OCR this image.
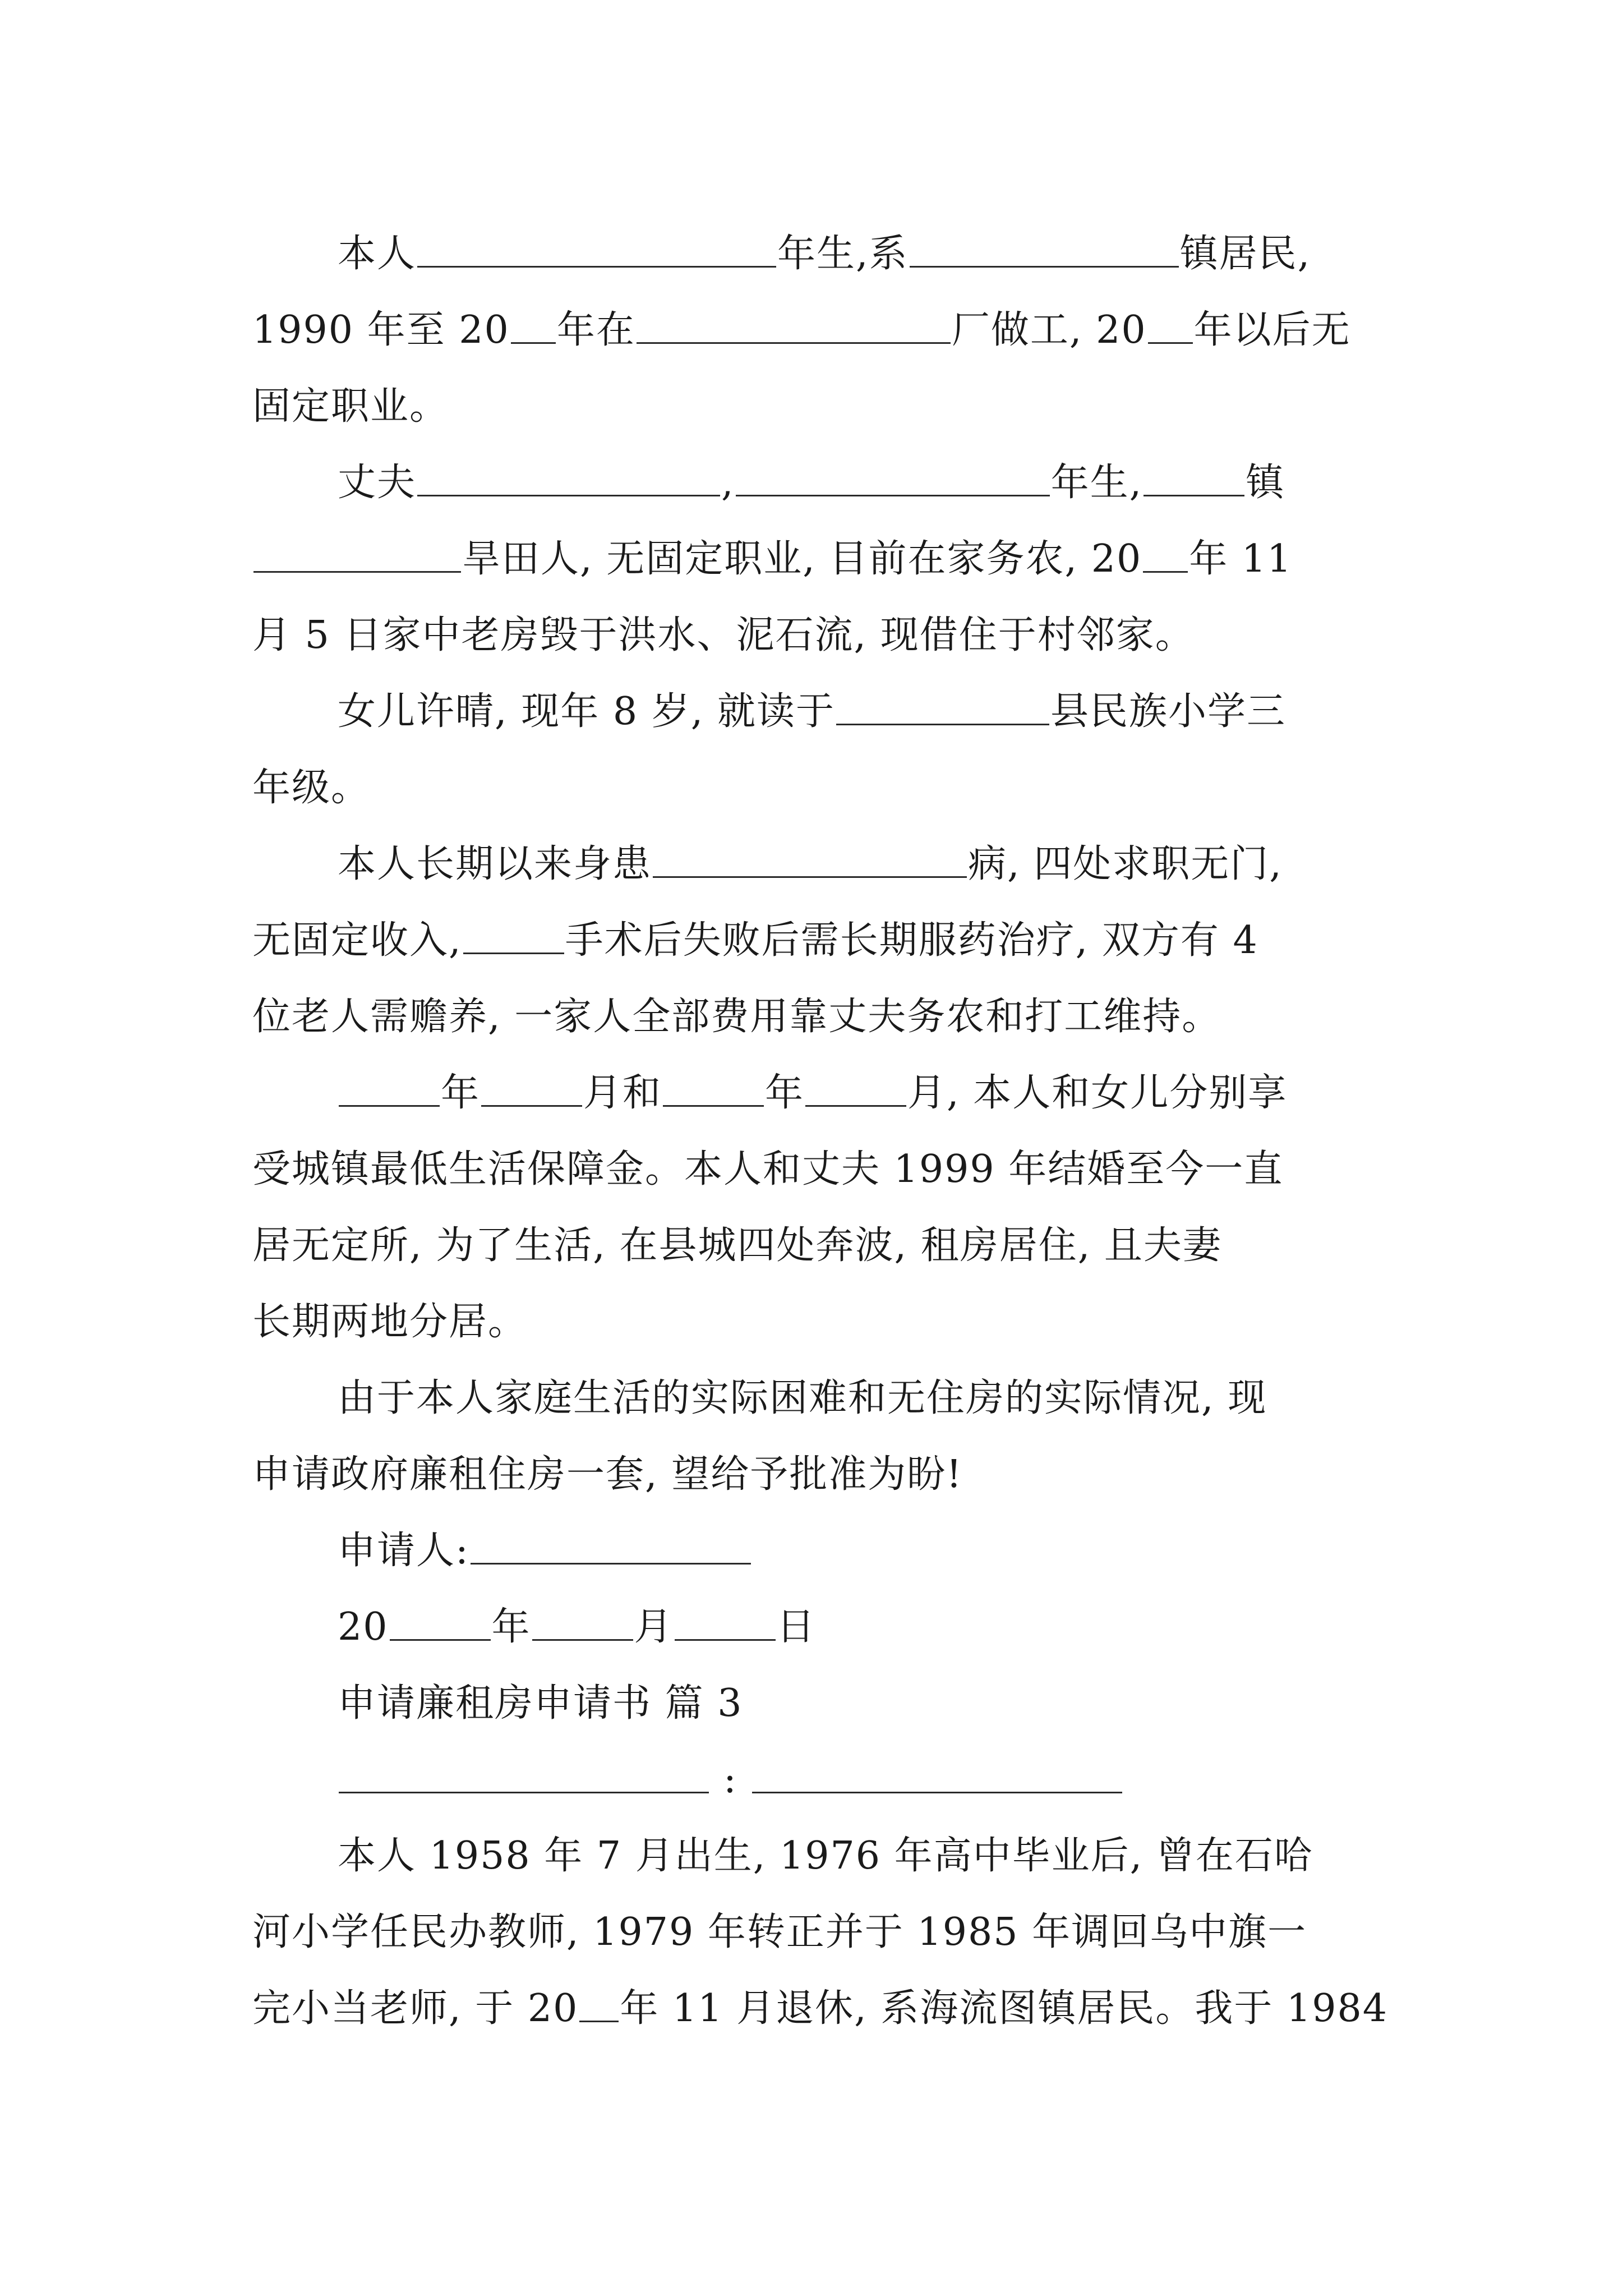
本人	年生,系	镇居民,
1990 年至 20 年在	厂做工, 20 年以后无
固定职业。
丈夫	,	年生,	镇
旱田人, 无固定职业, 目前在家务农, 20 年 11
月 5 日家中老房毁于洪水、泥石流, 现借住于村邻家。
女儿许晴, 现年 8 岁, 就读于	县民族小学三
年级。
本人长期以来身患	病, 四处求职无门,
无固定收入,	手术后失败后需长期服药治疗, 双方有 4
位老人需赡养, 一家人全部费用靠丈夫务农和打工维持。
年	月和	年	月, 本人和女儿分别享
受城镇最低生活保障金。本人和丈夫 1999 年结婚至今一直
居无定所, 为了生活, 在县城四处奔波, 租房居住, 且夫妻
长期两地分居。
由于本人家庭生活的实际困难和无住房的实际情况, 现
申请政府廉租住房一套, 望给予批准为盼!
申请人:
20	年	月	日
申请廉租房申请书 篇 3
:
本人 1958 年 7 月出生, 1976 年高中毕业后, 曾在石哈
河小学任民办教师, 1979 年转正并于 1985 年调回乌中旗一
完小当老师, 于 20 年 11 月退休, 系海流图镇居民。我于 1984
